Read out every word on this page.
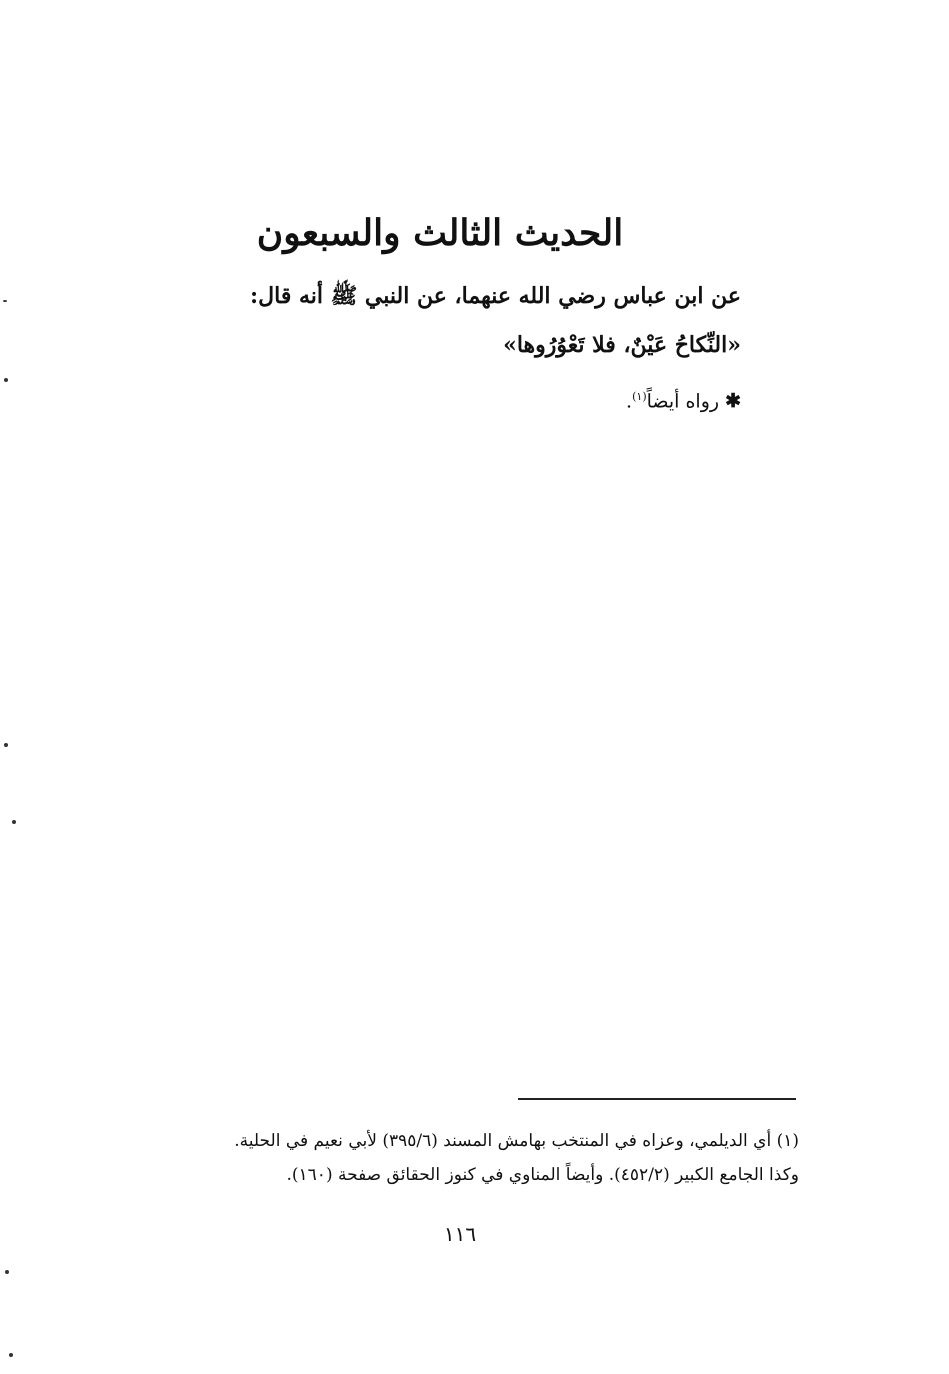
الحديث الثالث والسبعون
عن ابن عباس رضي الله عنهما، عن النبي ﷺ أنه قال:
«النِّكاحُ عَيْنٌ، فلا تَعْوُرُوها»
✱رواه أيضاً$^{(١)}$.
(١) أي الديلمي، وعزاه في المنتخب بهامش المسند (٣٩٥/٦) لأبي نعيم في الحلية.
وكذا الجامع الكبير (٤٥٢/٢). وأيضاً المناوي في كنوز الحقائق صفحة (١٦٠).
١١٦
